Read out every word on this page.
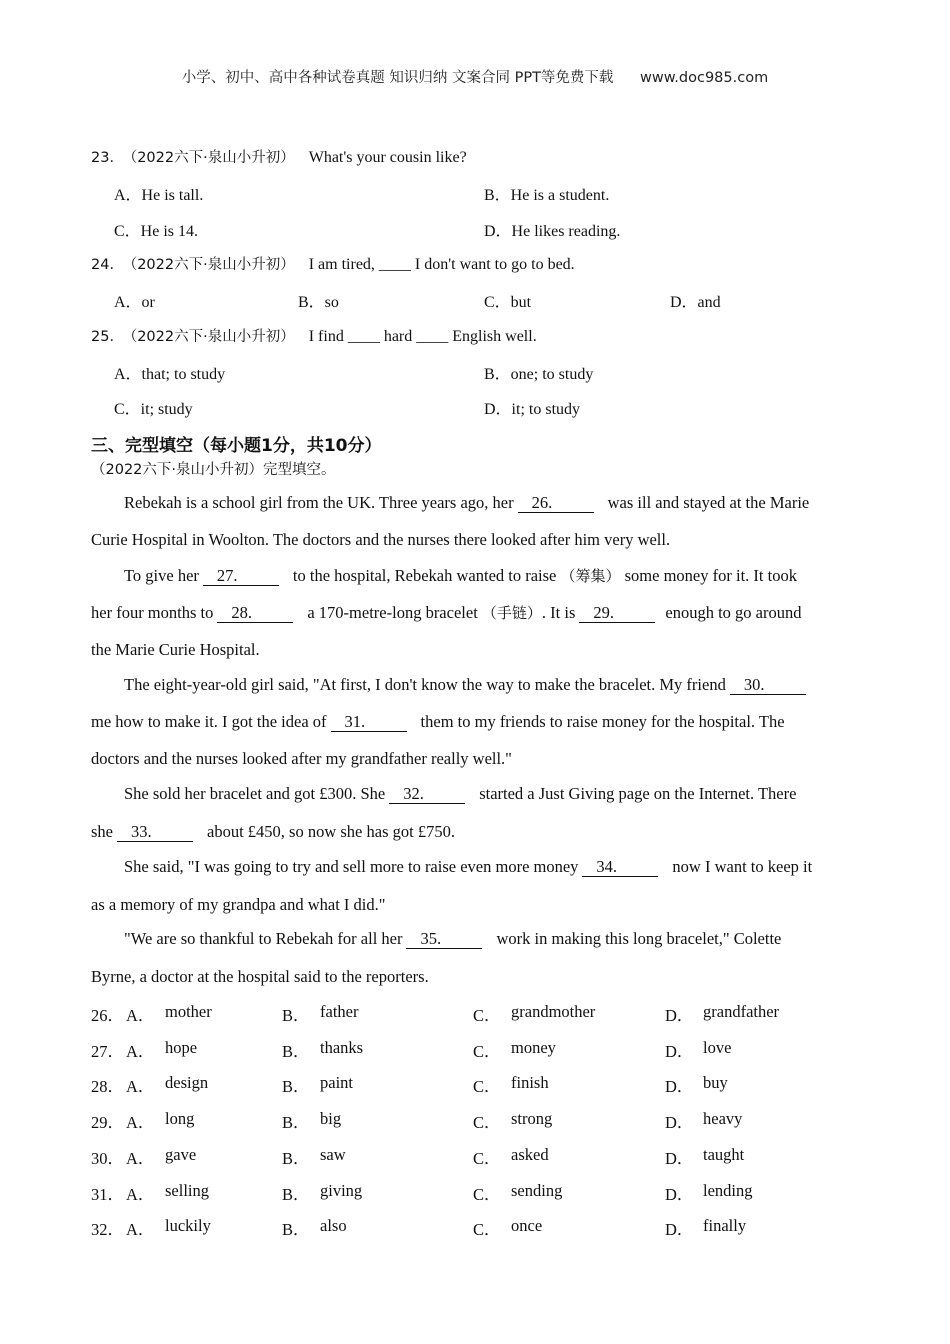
小学、初中、高中各种试卷真题 知识归纳 文案合同 PPT等免费下载 www.doc985.com
23． （2022六下·泉山小升初） What's your cousin like?
A．He is tall.	B．He is a student.
C．He is 14.	D．He likes reading.
24． （2022六下·泉山小升初） I am tired, ____ I don't want to go to bed.
A．or	B．so	C．but	D．and
25． （2022六下·泉山小升初） I find ____ hard ____ English well.
A．that; to study	B．one; to study
C．it; study	D．it; to study
三、完型填空（每小题1分，共10分）
（2022六下·泉山小升初）完型填空。
Rebekah is a school girl from the UK. Three years ago, her 26.	was ill and stayed at the Marie
Curie Hospital in Woolton. The doctors and the nurses there looked after him very well.
To give her 27.	to the hospital, Rebekah wanted to raise （筹集） some money for it. It took
her four months to 28.	a 170-metre-long bracelet （手链）. It is 29.	enough to go around
the Marie Curie Hospital.
The eight-year-old girl said, "At first, I don't know the way to make the bracelet. My friend 30.
me how to make it. I got the idea of 31.	them to my friends to raise money for the hospital. The
doctors and the nurses looked after my grandfather really well."
She sold her bracelet and got £300. She 32.	started a Just Giving page on the Internet. There
she 33.	about £450, so now she has got £750.
She said, "I was going to try and sell more to raise even more money 34.	now I want to keep it
as a memory of my grandpa and what I did."
"We are so thankful to Rebekah for all her 35.	work in making this long bracelet," Colette
Byrne, a doctor at the hospital said to the reporters.
26． A． mother	B． father	C． grandmother	D． grandfather
27． A． hope	B． thanks	C． money	D． love
28． A． design	B． paint	C． finish	D． buy
29． A． long	B． big	C． strong	D． heavy
30． A． gave	B． saw	C． asked	D． taught
31． A． selling	B． giving	C． sending	D． lending
32． A． luckily	B． also	C． once	D． finally
